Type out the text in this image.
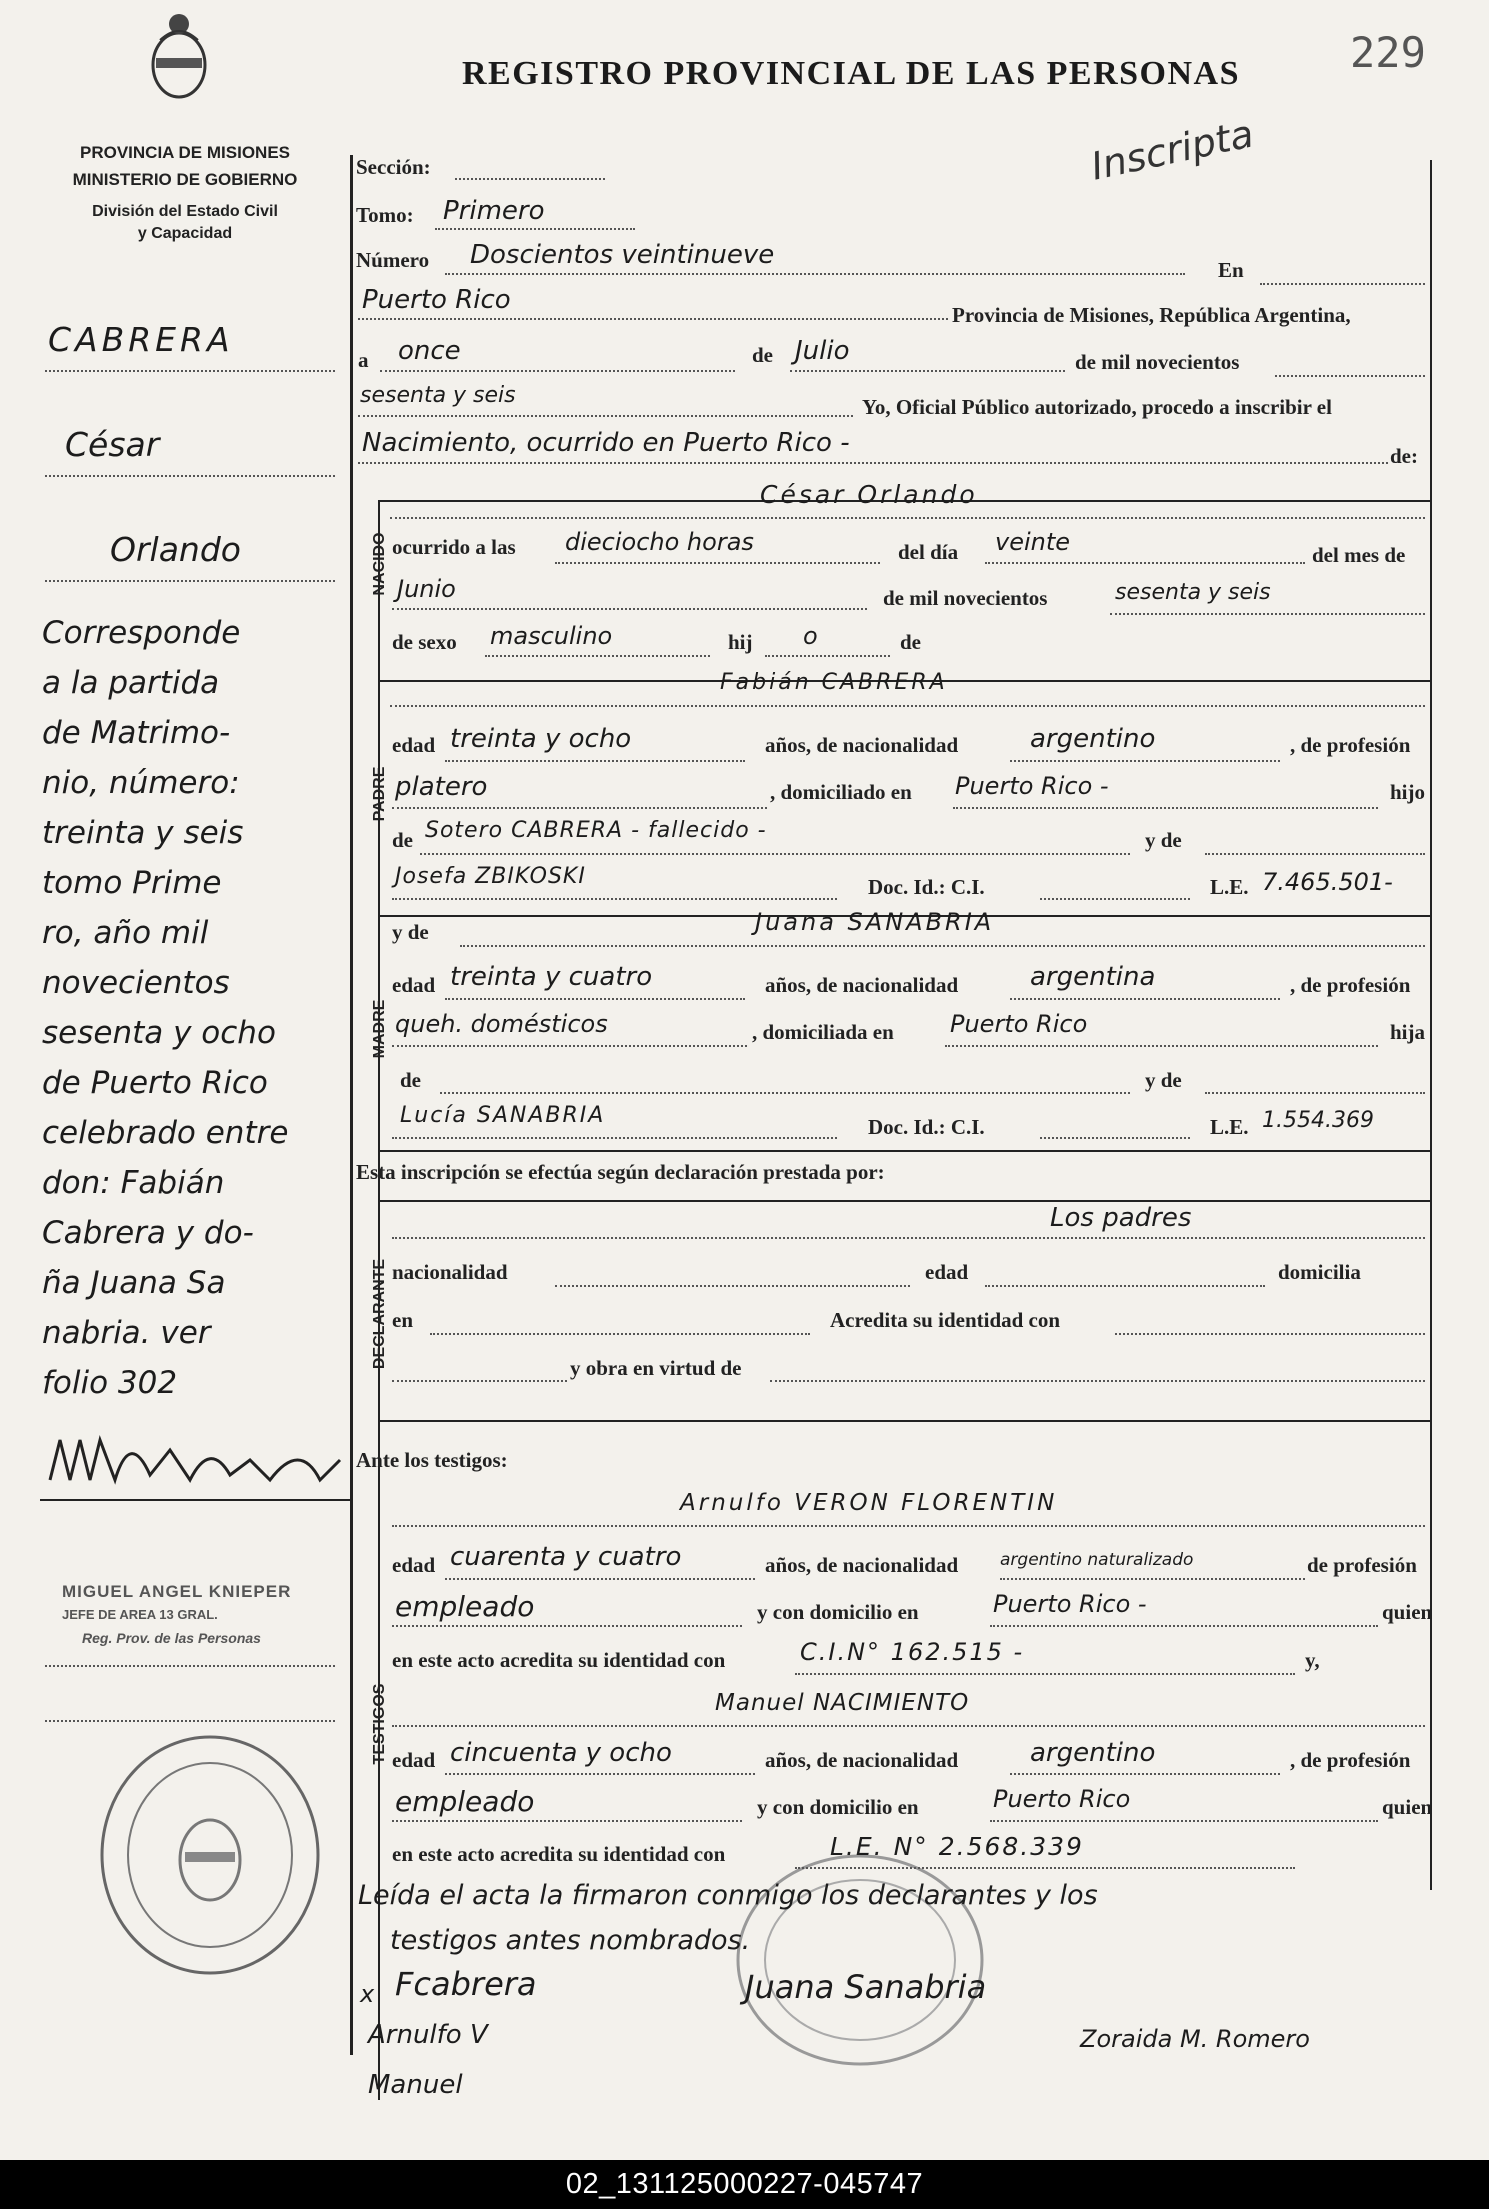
PROVINCIA DE MISIONES
MINISTERIO DE GOBIERNO
División del Estado Civil
y Capacidad
REGISTRO PROVINCIAL DE LAS PERSONAS	229
Inscripta
NACIDO
PADRE
MADRE
DECLARANTE
TESTIGOS
CABRERA
César
Orlando
Corresponde
a la partida
de Matrimo-
nio, número:
treinta y seis
tomo Prime
ro, año mil
novecientos
sesenta y ocho
de Puerto Rico
celebrado entre
don: Fabián
Cabrera y do-
ña Juana Sa
nabria. ver
folio 302
MIGUEL ANGEL KNIEPER
JEFE DE AREA 13 GRAL.
Reg. Prov. de las Personas
Sección:
Tomo: Primero
Número Doscientos veintinueve	En
Puerto Rico	Provincia de Misiones, República Argentina,
a once	de Julio	de mil novecientos
sesenta y seis	Yo, Oficial Público autorizado, procedo a inscribir el
Nacimiento, ocurrido en Puerto Rico -	de:
César Orlando
ocurrido a las dieciocho horas	del día veinte	del mes de
Junio	de mil novecientos	sesenta y seis
de sexo masculino	hij o	de
Fabián CABRERA
edad treinta y ocho	años, de nacionalidad	argentino	, de profesión
platero	, domiciliado en Puerto Rico -	hijo
de Sotero CABRERA - fallecido -	y de
Josefa ZBIKOSKI	Doc. Id.: C.I.	L.E. 7.465.501-
y de	Juana SANABRIA
edad treinta y cuatro	años, de nacionalidad	argentina	, de profesión
queh. domésticos	, domiciliada en Puerto Rico	hija
de	y de
Lucía SANABRIA	Doc. Id.: C.I.	L.E. 1.554.369
Esta inscripción se efectúa según declaración prestada por:
Los padres
nacionalidad	edad	domicilia
en	Acredita su identidad con
y obra en virtud de
Ante los testigos:
Arnulfo VERON FLORENTIN
edad cuarenta y cuatro	años, de nacionalidad argentino naturalizado	de profesión
empleado	y con domicilio en	Puerto Rico -	quien
en este acto acredita su identidad con	C.I.N° 162.515 -	y,
Manuel NACIMIENTO
edad cincuenta y ocho	años, de nacionalidad	argentino	, de profesión
empleado	y con domicilio en	Puerto Rico	quien
en este acto acredita su identidad con	L.E. N° 2.568.339
Leída el acta la firmaron conmigo los declarantes y los
testigos antes nombrados.
x Fcabrera	Juana Sanabria
Arnulfo V
Manuel
Zoraida M. Romero
02_131125000227-045747
